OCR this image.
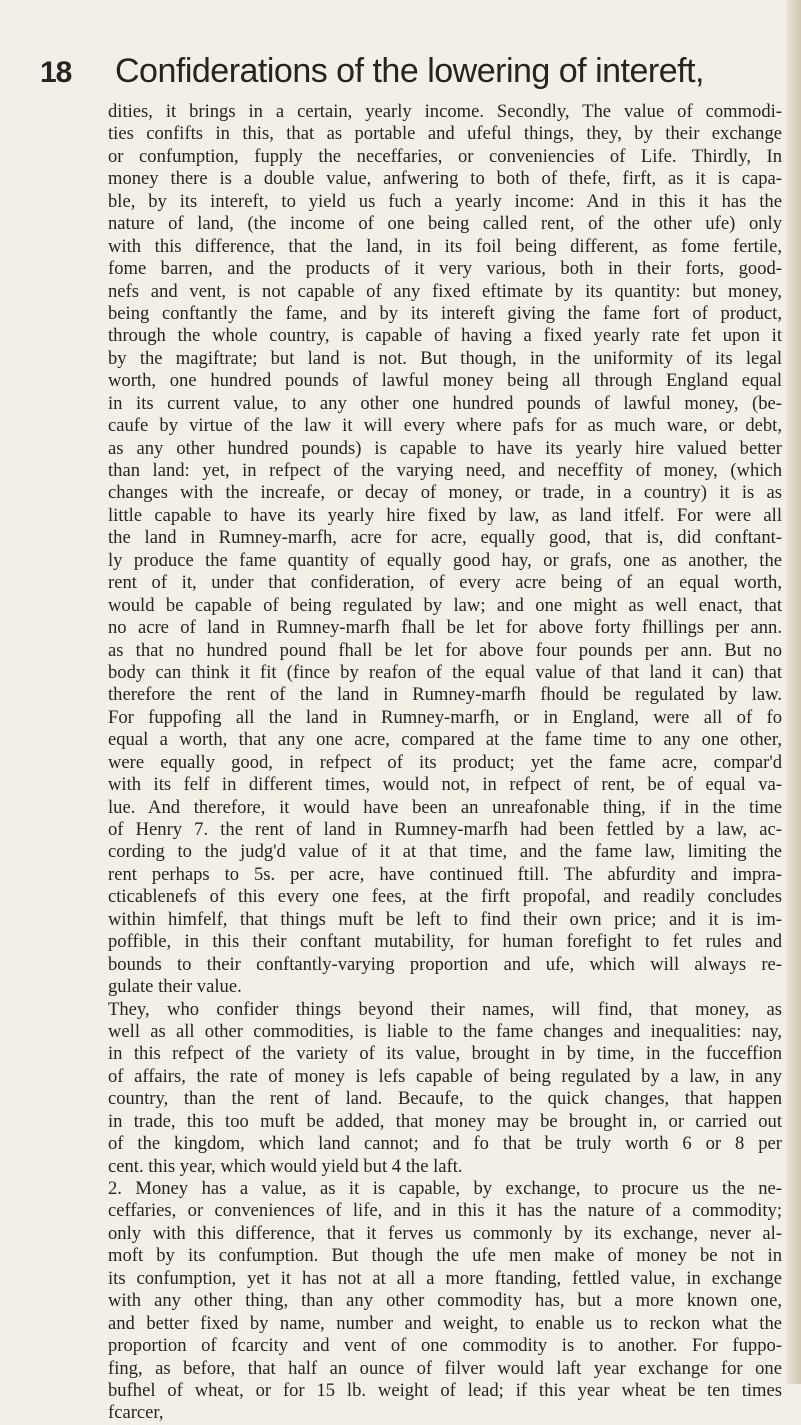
18 Confiderations of the lowering of intereft,
dities, it brings in a certain, yearly income. Secondly, The value of commodi-
ties confifts in this, that as portable and ufeful things, they, by their exchange
or confumption, fupply the neceffaries, or conveniencies of Life. Thirdly, In
money there is a double value, anfwering to both of thefe, firft, as it is capa-
ble, by its intereft, to yield us fuch a yearly income: And in this it has the
nature of land, (the income of one being called rent, of the other ufe) only
with this difference, that the land, in its foil being different, as fome fertile,
fome barren, and the products of it very various, both in their forts, good-
nefs and vent, is not capable of any fixed eftimate by its quantity: but money,
being conftantly the fame, and by its intereft giving the fame fort of product,
through the whole country, is capable of having a fixed yearly rate fet upon it
by the magiftrate; but land is not. But though, in the uniformity of its legal
worth, one hundred pounds of lawful money being all through England equal
in its current value, to any other one hundred pounds of lawful money, (be-
caufe by virtue of the law it will every where pafs for as much ware, or debt,
as any other hundred pounds) is capable to have its yearly hire valued better
than land: yet, in refpect of the varying need, and neceffity of money, (which
changes with the increafe, or decay of money, or trade, in a country) it is as
little capable to have its yearly hire fixed by law, as land itfelf. For were all
the land in Rumney-marfh, acre for acre, equally good, that is, did conftant-
ly produce the fame quantity of equally good hay, or grafs, one as another, the
rent of it, under that confideration, of every acre being of an equal worth,
would be capable of being regulated by law; and one might as well enact, that
no acre of land in Rumney-marfh fhall be let for above forty fhillings per ann.
as that no hundred pound fhall be let for above four pounds per ann. But no
body can think it fit (fince by reafon of the equal value of that land it can) that
therefore the rent of the land in Rumney-marfh fhould be regulated by law.
For fuppofing all the land in Rumney-marfh, or in England, were all of fo
equal a worth, that any one acre, compared at the fame time to any one other,
were equally good, in refpect of its product; yet the fame acre, compar'd
with its felf in different times, would not, in refpect of rent, be of equal va-
lue. And therefore, it would have been an unreafonable thing, if in the time
of Henry 7. the rent of land in Rumney-marfh had been fettled by a law, ac-
cording to the judg'd value of it at that time, and the fame law, limiting the
rent perhaps to 5s. per acre, have continued ftill. The abfurdity and impra-
cticablenefs of this every one fees, at the firft propofal, and readily concludes
within himfelf, that things muft be left to find their own price; and it is im-
poffible, in this their conftant mutability, for human forefight to fet rules and
bounds to their conftantly-varying proportion and ufe, which will always re-
gulate their value.
They, who confider things beyond their names, will find, that money, as
well as all other commodities, is liable to the fame changes and inequalities: nay,
in this refpect of the variety of its value, brought in by time, in the fucceffion
of affairs, the rate of money is lefs capable of being regulated by a law, in any
country, than the rent of land. Becaufe, to the quick changes, that happen
in trade, this too muft be added, that money may be brought in, or carried out
of the kingdom, which land cannot; and fo that be truly worth 6 or 8 per
cent. this year, which would yield but 4 the laft.
2. Money has a value, as it is capable, by exchange, to procure us the ne-
ceffaries, or conveniences of life, and in this it has the nature of a commodity;
only with this difference, that it ferves us commonly by its exchange, never al-
moft by its confumption. But though the ufe men make of money be not in
its confumption, yet it has not at all a more ftanding, fettled value, in exchange
with any other thing, than any other commodity has, but a more known one,
and better fixed by name, number and weight, to enable us to reckon what the
proportion of fcarcity and vent of one commodity is to another. For fuppo-
fing, as before, that half an ounce of filver would laft year exchange for one
bufhel of wheat, or for 15 lb. weight of lead; if this year wheat be ten times
fcarcer,
